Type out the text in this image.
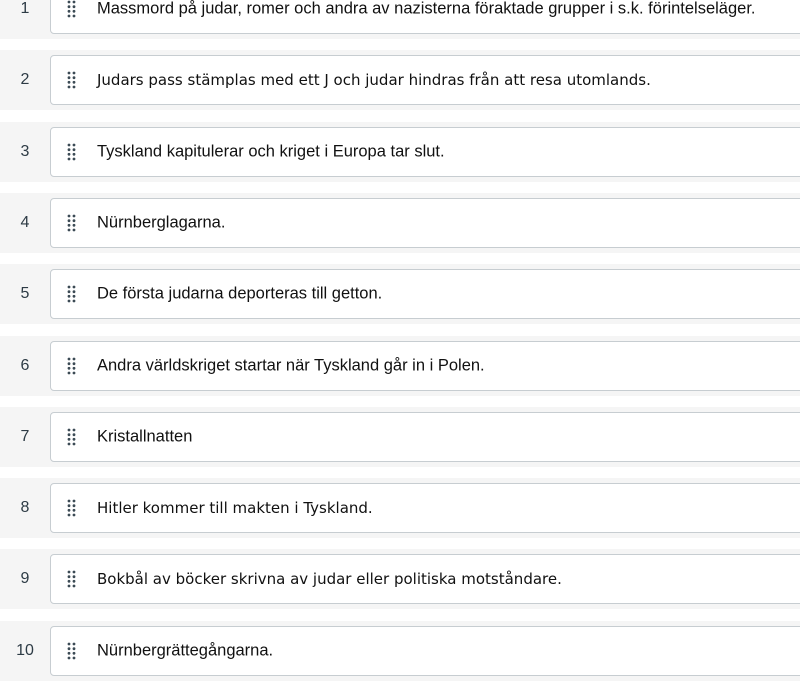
1	Massmord på judar, romer och andra av nazisterna föraktade grupper i s.k. förintelseläger.
2	Judars pass stämplas med ett J och judar hindras från att resa utomlands.
3	Tyskland kapitulerar och kriget i Europa tar slut.
4	Nürnberglagarna.
5	De första judarna deporteras till getton.
6	Andra världskriget startar när Tyskland går in i Polen.
7	Kristallnatten
8	Hitler kommer till makten i Tyskland.
9	Bokbål av böcker skrivna av judar eller politiska motståndare.
10	Nürnbergrättegångarna.
